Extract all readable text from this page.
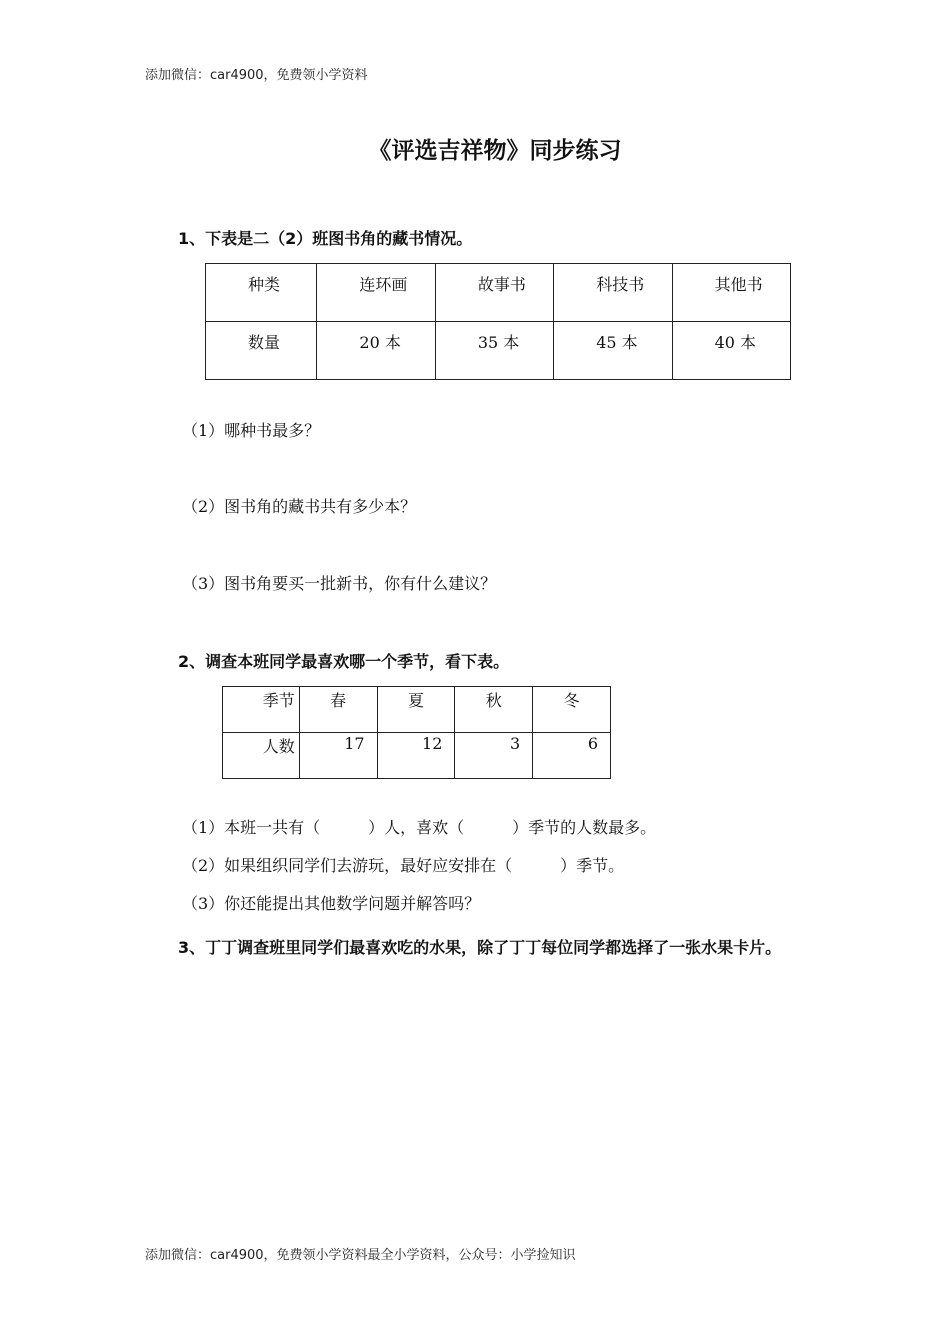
添加微信：car4900，免费领小学资料
《评选吉祥物》同步练习
1、下表是二（2）班图书角的藏书情况。
种类	连环画	故事书	科技书	其他书

数量	20 本	35 本	45 本	40 本
（1）哪种书最多？
（2）图书角的藏书共有多少本？
（3）图书角要买一批新书，你有什么建议？
2、调查本班同学最喜欢哪一个季节，看下表。
季节	春	夏	秋	冬

人数	17	12	3	6
（1）本班一共有（　　　）人，喜欢（　　　）季节的人数最多。
（2）如果组织同学们去游玩，最好应安排在（　　　）季节。
（3）你还能提出其他数学问题并解答吗？
3、丁丁调查班里同学们最喜欢吃的水果，除了丁丁每位同学都选择了一张水果卡片。
添加微信：car4900，免费领小学资料最全小学资料，公众号：小学捡知识
